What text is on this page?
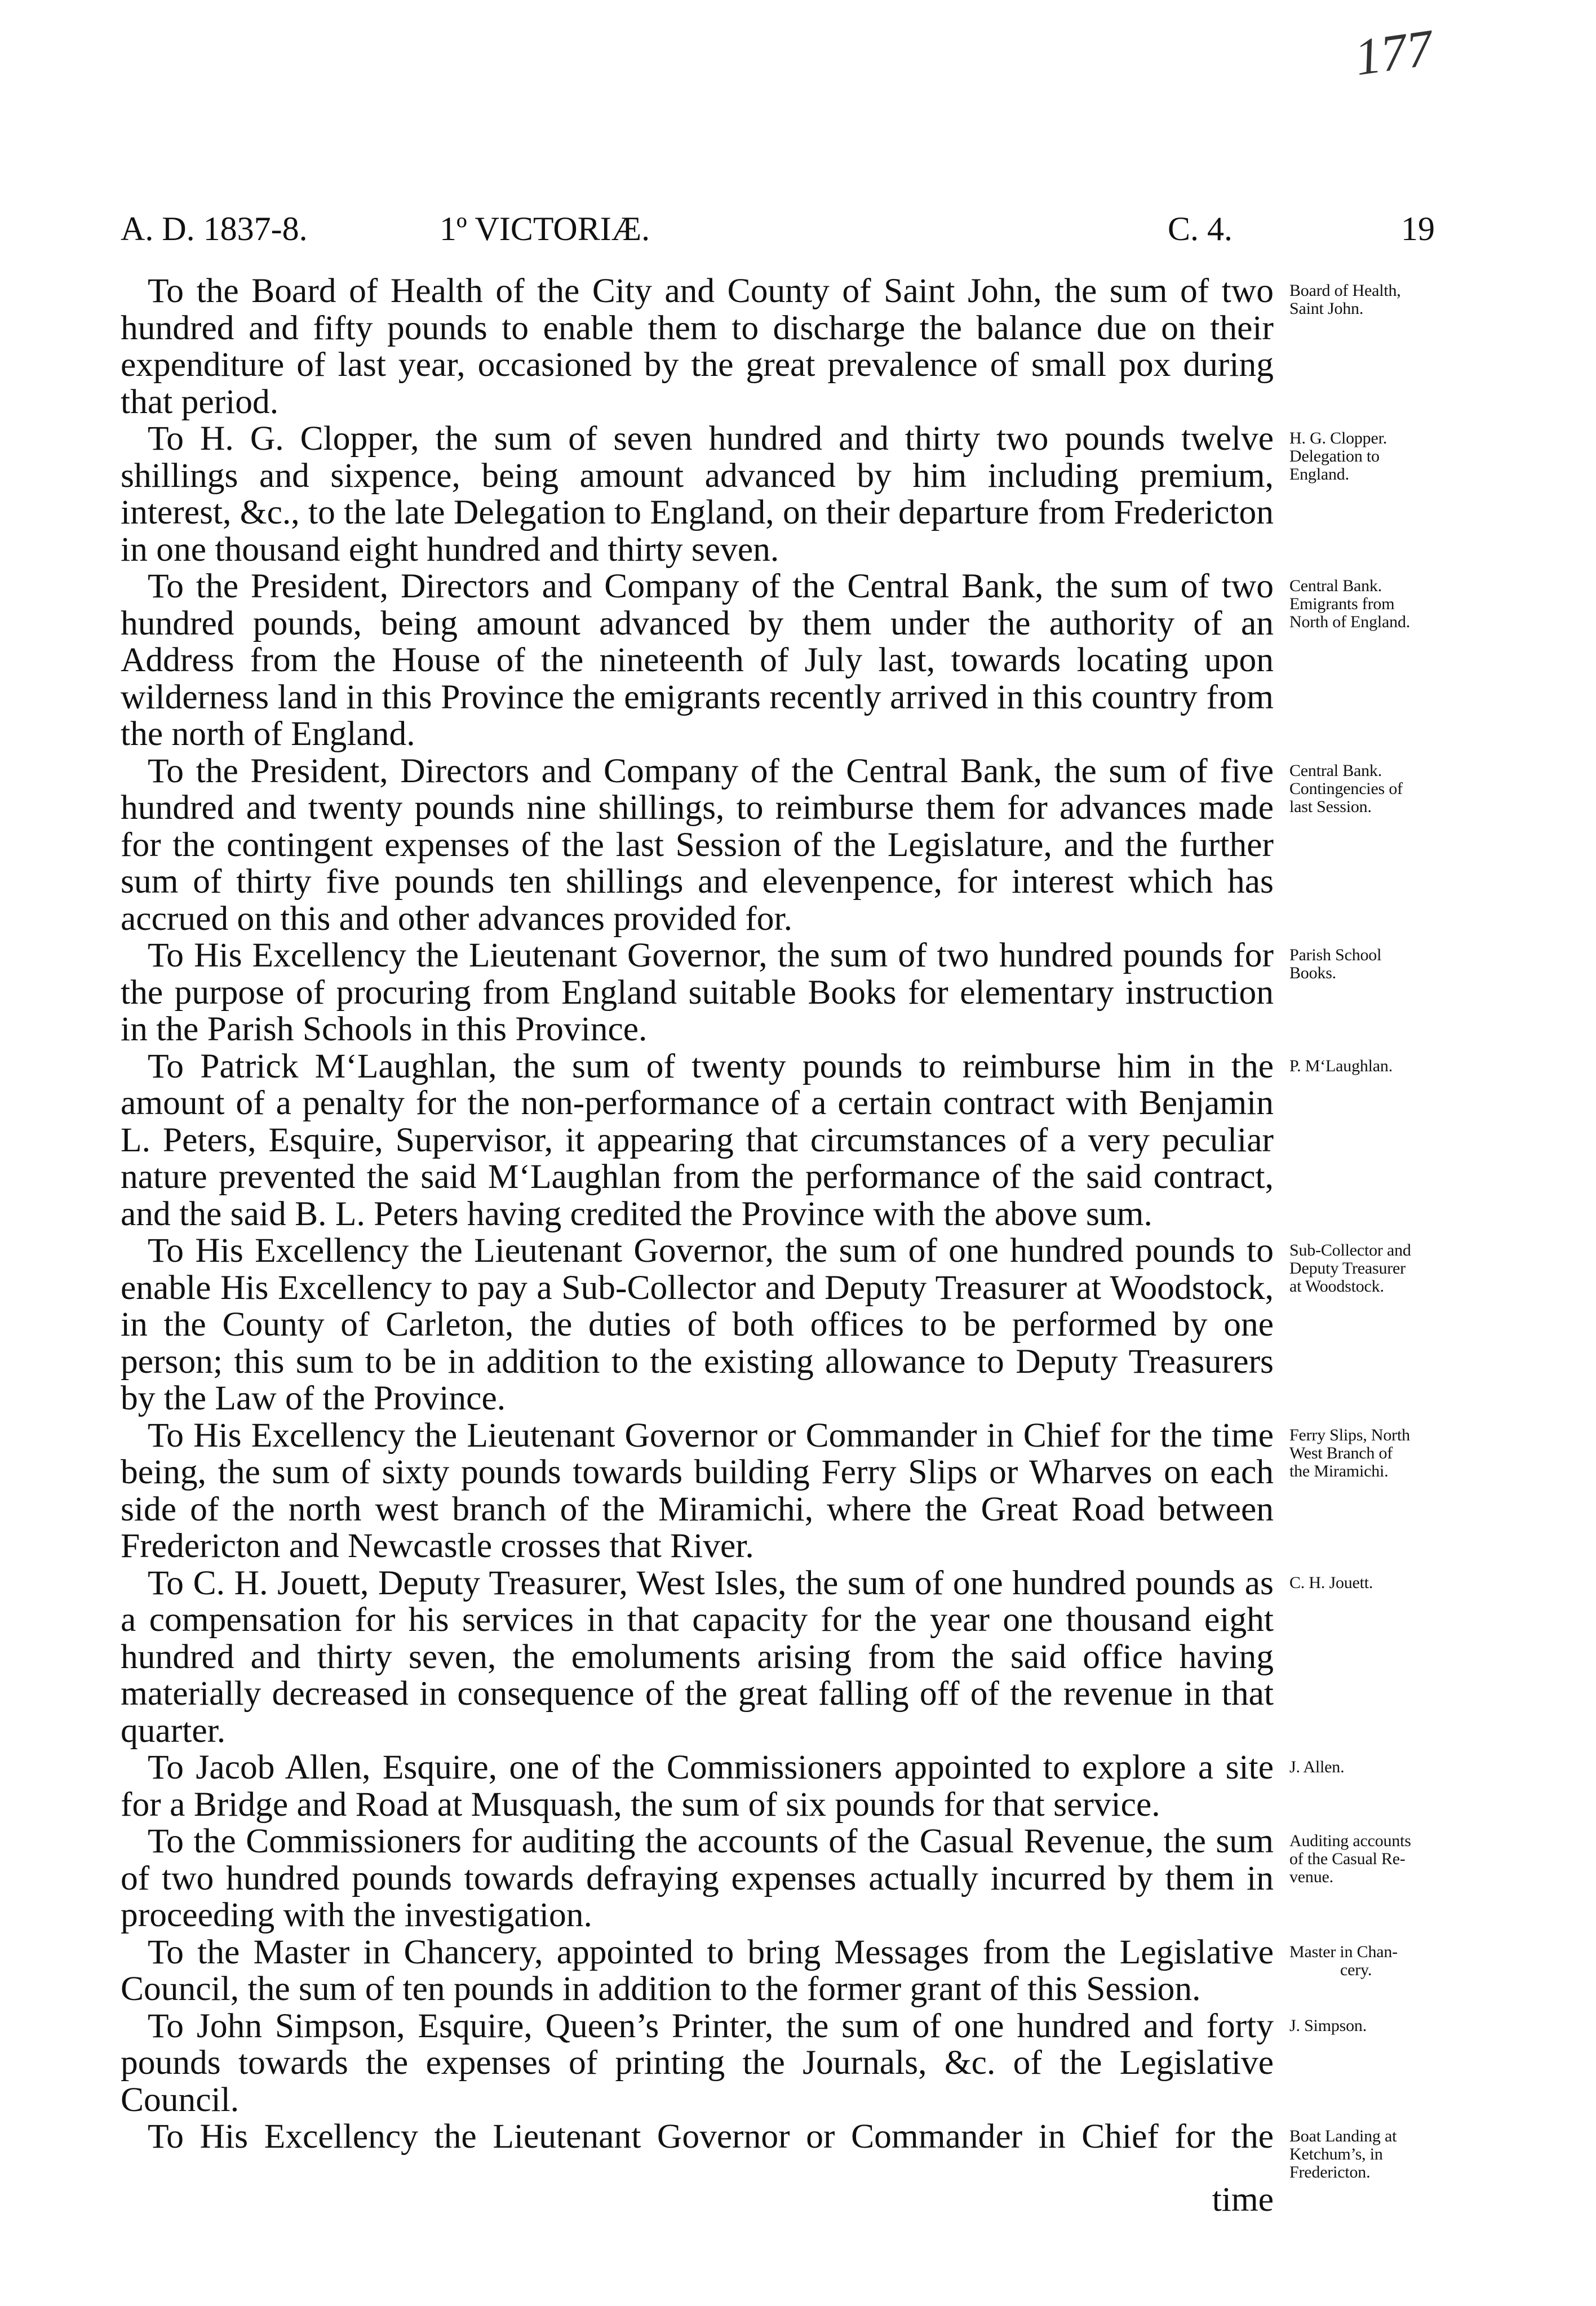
177
A. D. 1837-8.	1º VICTORIÆ.	C. 4.	19

To the Board of Health of the City and County of Saint John, the sum of two hundred and fifty pounds to enable them to discharge the balance due on their expenditure of last year, occasioned by the great prevalence of small pox during that period.

Board of Health,
Saint John.

To H. G. Clopper, the sum of seven hundred and thirty two pounds twelve shillings and sixpence, being amount advanced by him including premium, interest, &c., to the late Delegation to England, on their departure from Fredericton in one thousand eight hundred and thirty seven.

H. G. Clopper.
Delegation to
England.

To the President, Directors and Company of the Central Bank, the sum of two hundred pounds, being amount advanced by them under the authority of an Address from the House of the nineteenth of July last, towards locating upon wilderness land in this Province the emigrants recently arrived in this country from the north of England.

Central Bank.
Emigrants from
North of England.

To the President, Directors and Company of the Central Bank, the sum of five hundred and twenty pounds nine shillings, to reimburse them for advances made for the contingent expenses of the last Session of the Legislature, and the further sum of thirty five pounds ten shillings and elevenpence, for interest which has accrued on this and other advances provided for.

Central Bank.
Contingencies of
last Session.

To His Excellency the Lieutenant Governor, the sum of two hundred pounds for the purpose of procuring from England suitable Books for elementary instruction in the Parish Schools in this Province.

Parish School
Books.

To Patrick M‘Laughlan, the sum of twenty pounds to reimburse him in the amount of a penalty for the non-performance of a certain contract with Benjamin L. Peters, Esquire, Supervisor, it appearing that circumstances of a very peculiar nature prevented the said M‘Laughlan from the performance of the said contract, and the said B. L. Peters having credited the Province with the above sum.

P. M‘Laughlan.

To His Excellency the Lieutenant Governor, the sum of one hundred pounds to enable His Excellency to pay a Sub-Collector and Deputy Treasurer at Woodstock, in the County of Carleton, the duties of both offices to be performed by one person; this sum to be in addition to the existing allowance to Deputy Treasurers by the Law of the Province.

Sub-Collector and
Deputy Treasurer
at Woodstock.

To His Excellency the Lieutenant Governor or Commander in Chief for the time being, the sum of sixty pounds towards building Ferry Slips or Wharves on each side of the north west branch of the Miramichi, where the Great Road between Fredericton and Newcastle crosses that River.

Ferry Slips, North
West Branch of
the Miramichi.

To C. H. Jouett, Deputy Treasurer, West Isles, the sum of one hundred pounds as a compensation for his services in that capacity for the year one thousand eight hundred and thirty seven, the emoluments arising from the said office having materially decreased in consequence of the great falling off of the revenue in that quarter.

C. H. Jouett.

To Jacob Allen, Esquire, one of the Commissioners appointed to explore a site for a Bridge and Road at Musquash, the sum of six pounds for that service.

J. Allen.

To the Commissioners for auditing the accounts of the Casual Revenue, the sum of two hundred pounds towards defraying expenses actually incurred by them in proceeding with the investigation.

Auditing accounts
of the Casual Re-
venue.

To the Master in Chancery, appointed to bring Messages from the Legislative Council, the sum of ten pounds in addition to the former grant of this Session.

Master in Chan-
cery.

To John Simpson, Esquire, Queen’s Printer, the sum of one hundred and forty pounds towards the expenses of printing the Journals, &c. of the Legislative Council.

J. Simpson.

To His Excellency the Lieutenant Governor or Commander in Chief for the Boat Landing at
Ketchum’s, in
Fredericton.

time
